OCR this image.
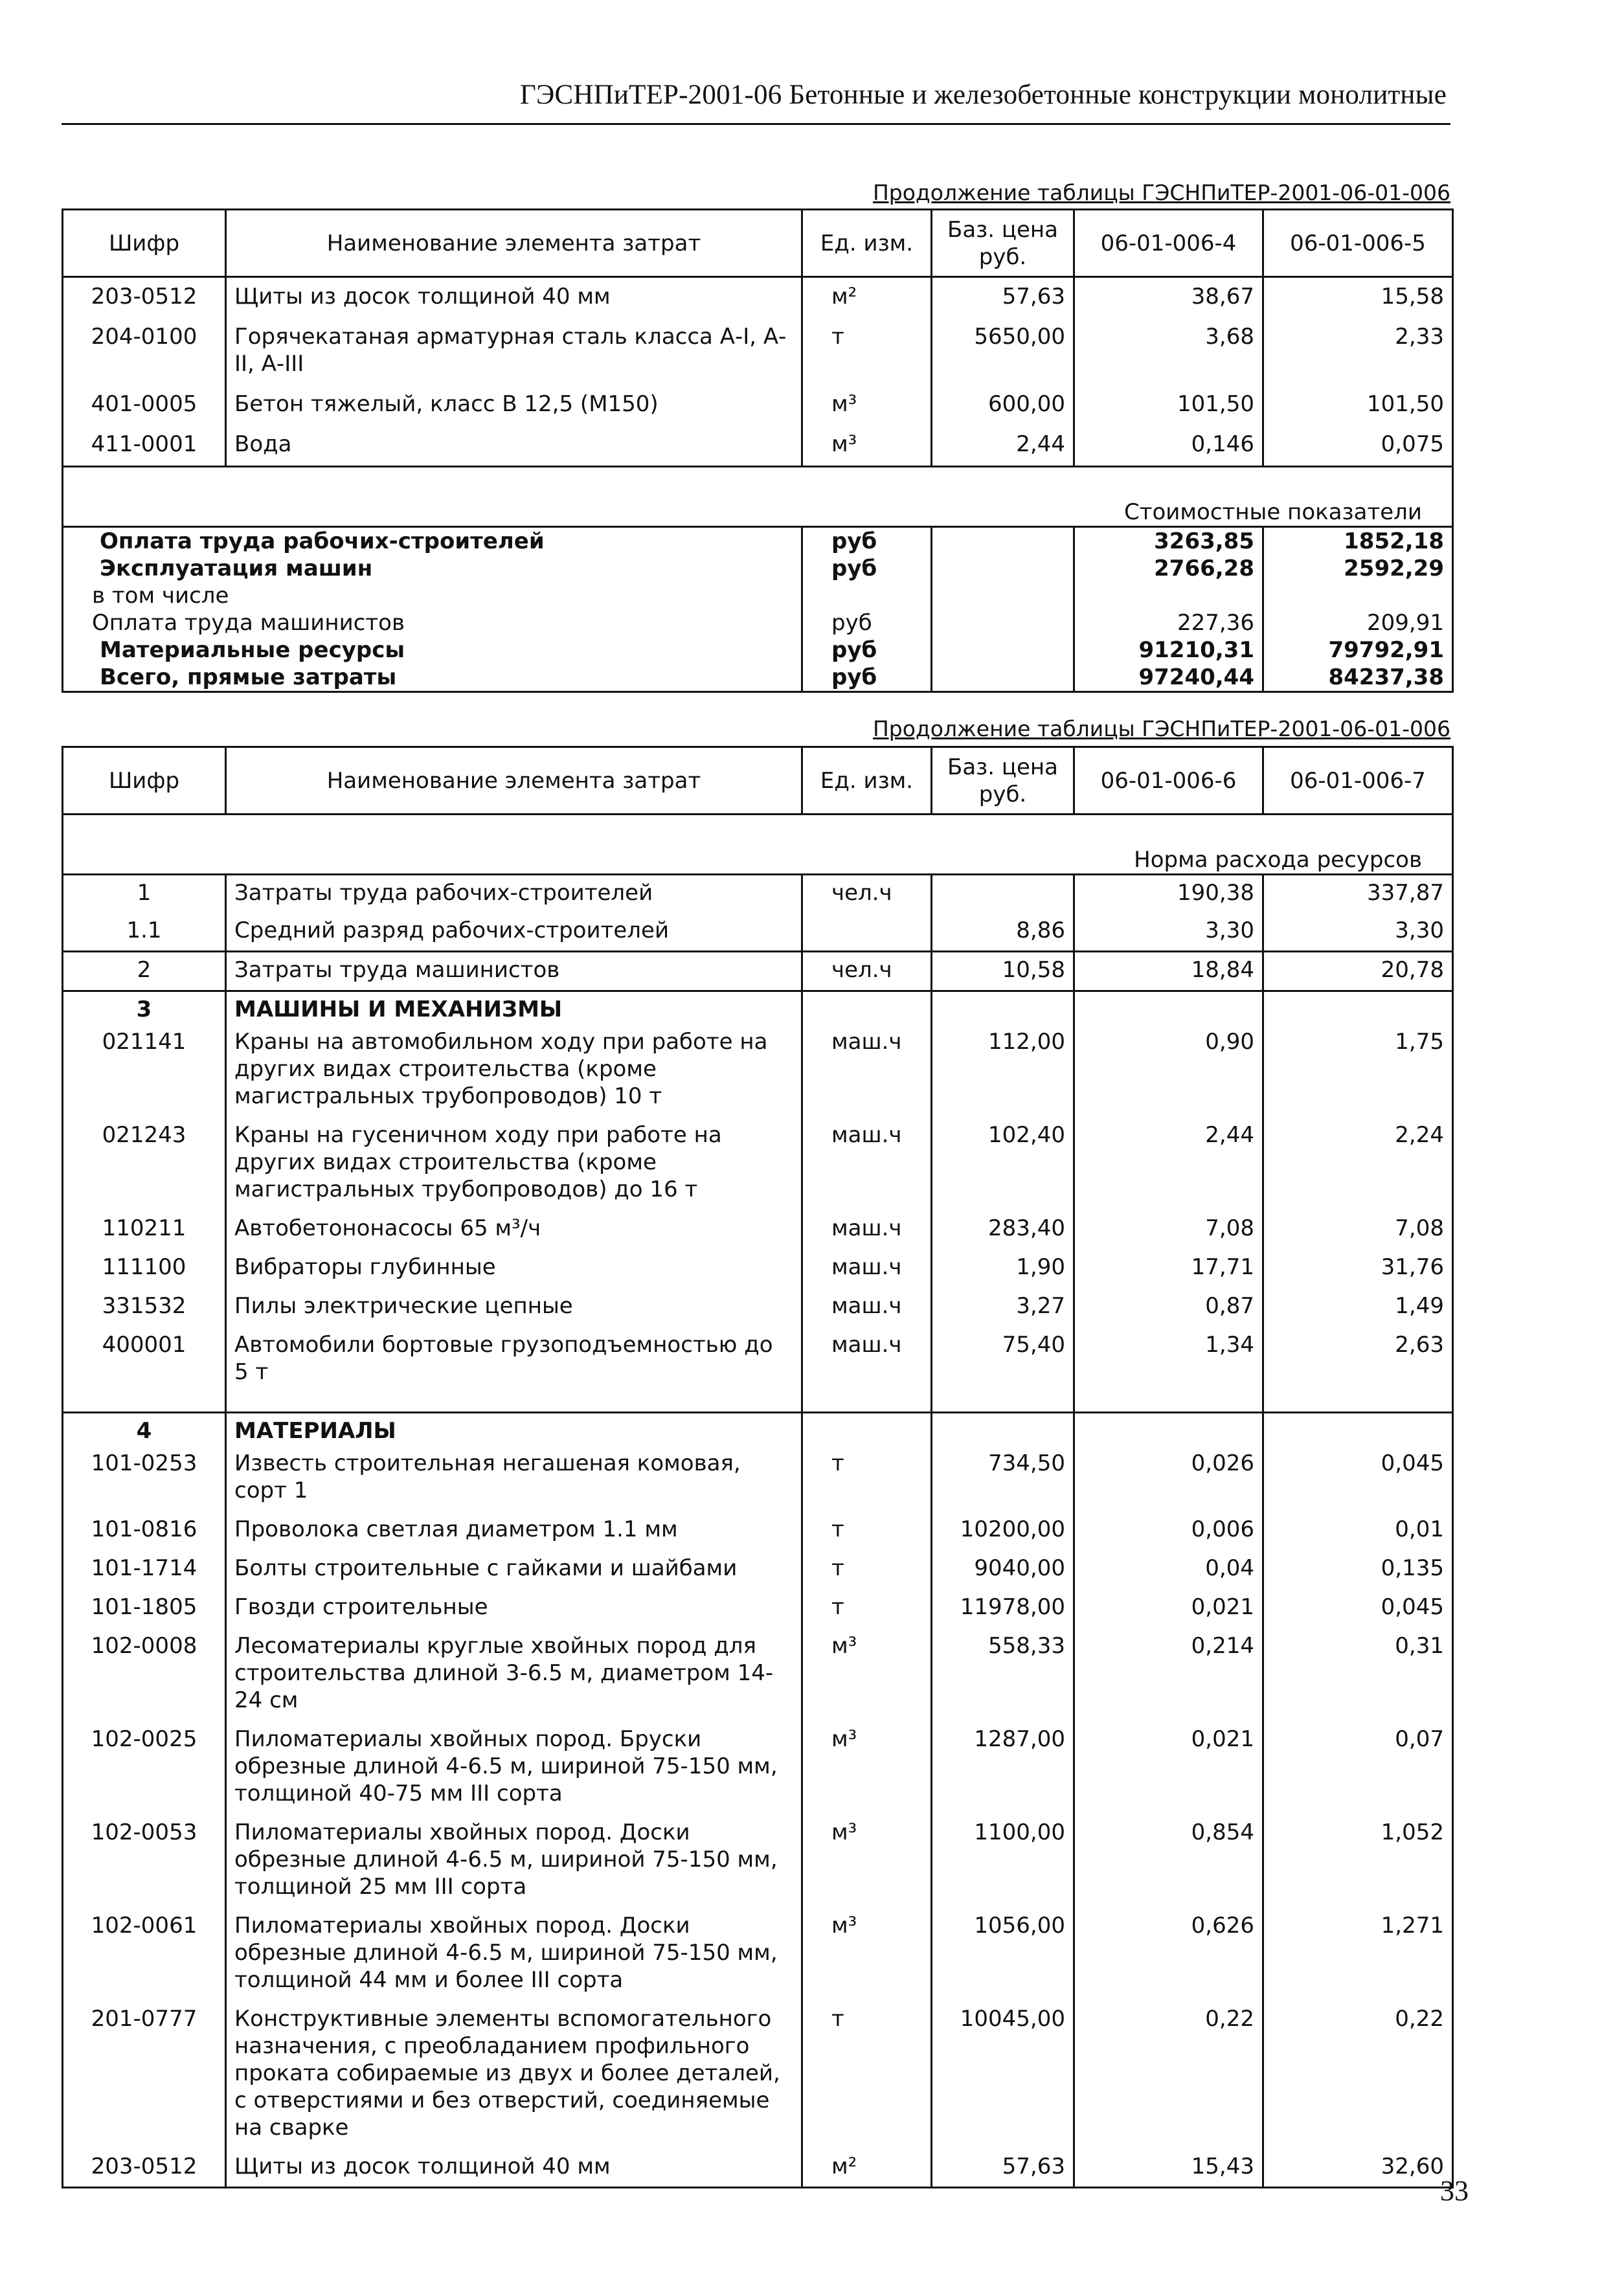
ГЭСНПиТЕР-2001-06 Бетонные и железобетонные конструкции монолитные
Продолжение таблицы ГЭСНПиТЕР-2001-06-01-006
Шифр	Наименование элемента затрат	Ед. изм.	Баз. цена руб.	06-01-006-4	06-01-006-5
203-0512	Щиты из досок толщиной 40 мм	м²	57,63	38,67	15,58
204-0100	Горячекатаная арматурная сталь класса А-I, А-II, А-III	т	5650,00	3,68	2,33
401-0005	Бетон тяжелый, класс В 12,5 (М150)	м³	600,00	101,50	101,50
411-0001	Вода	м³	2,44	0,146	0,075
Стоимостные показатели					
Оплата труда рабочих-строителей		руб		3263,85	1852,18
Эксплуатация машин		руб		2766,28	2592,29
в том числе					
Оплата труда машинистов		руб		227,36	209,91
Материальные ресурсы		руб		91210,31	79792,91
Всего, прямые затраты		руб		97240,44	84237,38
Продолжение таблицы ГЭСНПиТЕР-2001-06-01-006
Шифр	Наименование элемента затрат	Ед. изм.	Баз. цена руб.	06-01-006-6	06-01-006-7
Норма расхода ресурсов					
1	Затраты труда рабочих-строителей	чел.ч		190,38	337,87
1.1	Средний разряд рабочих-строителей		8,86	3,30	3,30
2	Затраты труда машинистов	чел.ч	10,58	18,84	20,78
3	МАШИНЫ И МЕХАНИЗМЫ				
021141	Краны на автомобильном ходу при работе на других видах строительства (кроме магистральных трубопроводов) 10 т	маш.ч	112,00	0,90	1,75
021243	Краны на гусеничном ходу при работе на других видах строительства (кроме магистральных трубопроводов) до 16 т	маш.ч	102,40	2,44	2,24
110211	Автобетононасосы 65 м³/ч	маш.ч	283,40	7,08	7,08
111100	Вибраторы глубинные	маш.ч	1,90	17,71	31,76
331532	Пилы электрические цепные	маш.ч	3,27	0,87	1,49
400001	Автомобили бортовые грузоподъемностью до 5 т	маш.ч	75,40	1,34	2,63
4	МАТЕРИАЛЫ				
101-0253	Известь строительная негашеная комовая, сорт 1	т	734,50	0,026	0,045
101-0816	Проволока светлая диаметром 1.1 мм	т	10200,00	0,006	0,01
101-1714	Болты строительные с гайками и шайбами	т	9040,00	0,04	0,135
101-1805	Гвозди строительные	т	11978,00	0,021	0,045
102-0008	Лесоматериалы круглые хвойных пород для строительства длиной 3-6.5 м, диаметром 14-24 см	м³	558,33	0,214	0,31
102-0025	Пиломатериалы хвойных пород. Бруски обрезные длиной 4-6.5 м, шириной 75-150 мм, толщиной 40-75 мм III сорта	м³	1287,00	0,021	0,07
102-0053	Пиломатериалы хвойных пород. Доски обрезные длиной 4-6.5 м, шириной 75-150 мм, толщиной 25 мм III сорта	м³	1100,00	0,854	1,052
102-0061	Пиломатериалы хвойных пород. Доски обрезные длиной 4-6.5 м, шириной 75-150 мм, толщиной 44 мм и более III сорта	м³	1056,00	0,626	1,271
201-0777	Конструктивные элементы вспомогательного назначения, с преобладанием профильного проката собираемые из двух и более деталей, с отверстиями и без отверстий, соединяемые на сварке	т	10045,00	0,22	0,22
203-0512	Щиты из досок толщиной 40 мм	м²	57,63	15,43	32,60
33
